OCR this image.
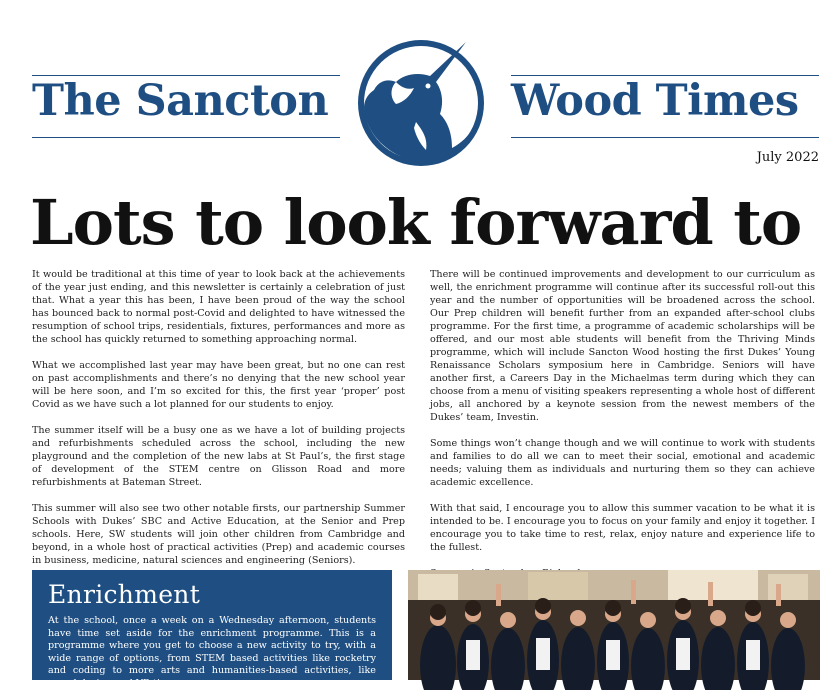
The Sancton	Wood Times
July 2022
Lots to look forward to

It would be traditional at this time of year to look back at the achievements of the year just ending, and this newsletter is certainly a celebration of just that. What a year this has been, I have been proud of the way the school has bounced back to normal post-Covid and delighted to have witnessed the resumption of school trips, residentials, fixtures, performances and more as the school has quickly returned to something approaching normal.

What we accomplished last year may have been great, but no one can rest on past accomplishments and there’s no denying that the new school year will be here soon, and I’m so excited for this, the first year ‘proper’ post Covid as we have such a lot planned for our students to enjoy.

The summer itself will be a busy one as we have a lot of building projects and refurbishments scheduled across the school, including the new playground and the completion of the new labs at St Paul’s, the first stage of development of the STEM centre on Glisson Road and more refurbishments at Bateman Street.

This summer will also see two other notable firsts, our partnership Summer Schools with Dukes’ SBC and Active Education, at the Senior and Prep schools. Here, SW students will join other children from Cambridge and beyond, in a whole host of practical activities (Prep) and academic courses in business, medicine, natural sciences and engineering (Seniors).

There will be continued improvements and development to our curriculum as well, the enrichment programme will continue after its successful roll-out this year and the number of opportunities will be broadened across the school. Our Prep children will benefit further from an expanded after-school clubs programme. For the first time, a programme of academic scholarships will be offered, and our most able students will benefit from the Thriving Minds programme, which will include Sancton Wood hosting the first Dukes’ Young Renaissance Scholars symposium here in Cambridge. Seniors will have another first, a Careers Day in the Michaelmas term during which they can choose from a menu of visiting speakers representing a whole host of different jobs, all anchored by a keynote session from the newest members of the Dukes’ team, Investin.

Some things won’t change though and we will continue to work with students and families to do all we can to meet their social, emotional and academic needs; valuing them as individuals and nurturing them so they can achieve academic excellence.

With that said, I encourage you to allow this summer vacation to be what it is intended to be. I encourage you to focus on your family and enjoy it together. I encourage you to take time to rest, relax, enjoy nature and experience life to the fullest.

Enrichment

At the school, once a week on a Wednesday afternoon, students have time set aside for the enrichment programme. This is a programme where you get to choose a new activity to try, with a wide range of options, from STEM based activities like rocketry and coding to more arts and humanities-based activities, like mural design and VR time
